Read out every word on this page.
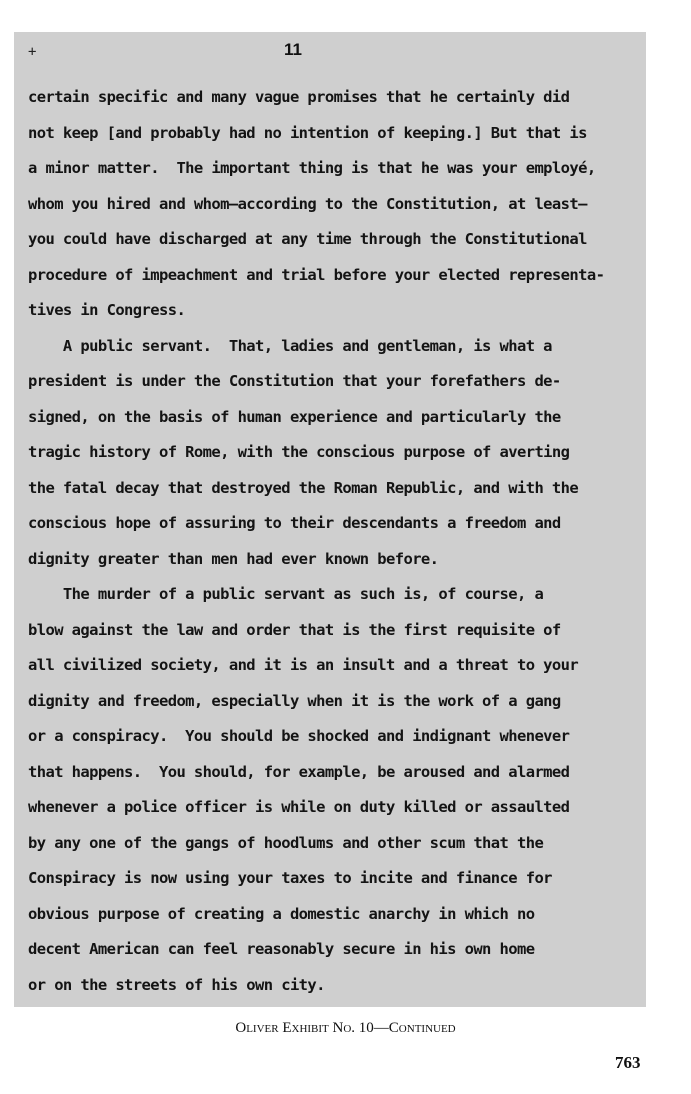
+	11
certain specific and many vague promises that he certainly did
not keep [and probably had no intention of keeping.] But that is
a minor matter.  The important thing is that he was your employé,
whom you hired and whom—according to the Constitution, at least—
you could have discharged at any time through the Constitutional
procedure of impeachment and trial before your elected representa-
tives in Congress.
A public servant.  That, ladies and gentleman, is what a
president is under the Constitution that your forefathers de-
signed, on the basis of human experience and particularly the
tragic history of Rome, with the conscious purpose of averting
the fatal decay that destroyed the Roman Republic, and with the
conscious hope of assuring to their descendants a freedom and
dignity greater than men had ever known before.
The murder of a public servant as such is, of course, a
blow against the law and order that is the first requisite of
all civilized society, and it is an insult and a threat to your
dignity and freedom, especially when it is the work of a gang
or a conspiracy.  You should be shocked and indignant whenever
that happens.  You should, for example, be aroused and alarmed
whenever a police officer is while on duty killed or assaulted
by any one of the gangs of hoodlums and other scum that the
Conspiracy is now using your taxes to incite and finance for
obvious purpose of creating a domestic anarchy in which no
decent American can feel reasonably secure in his own home
or on the streets of his own city.
Oliver Exhibit No. 10—Continued
763
